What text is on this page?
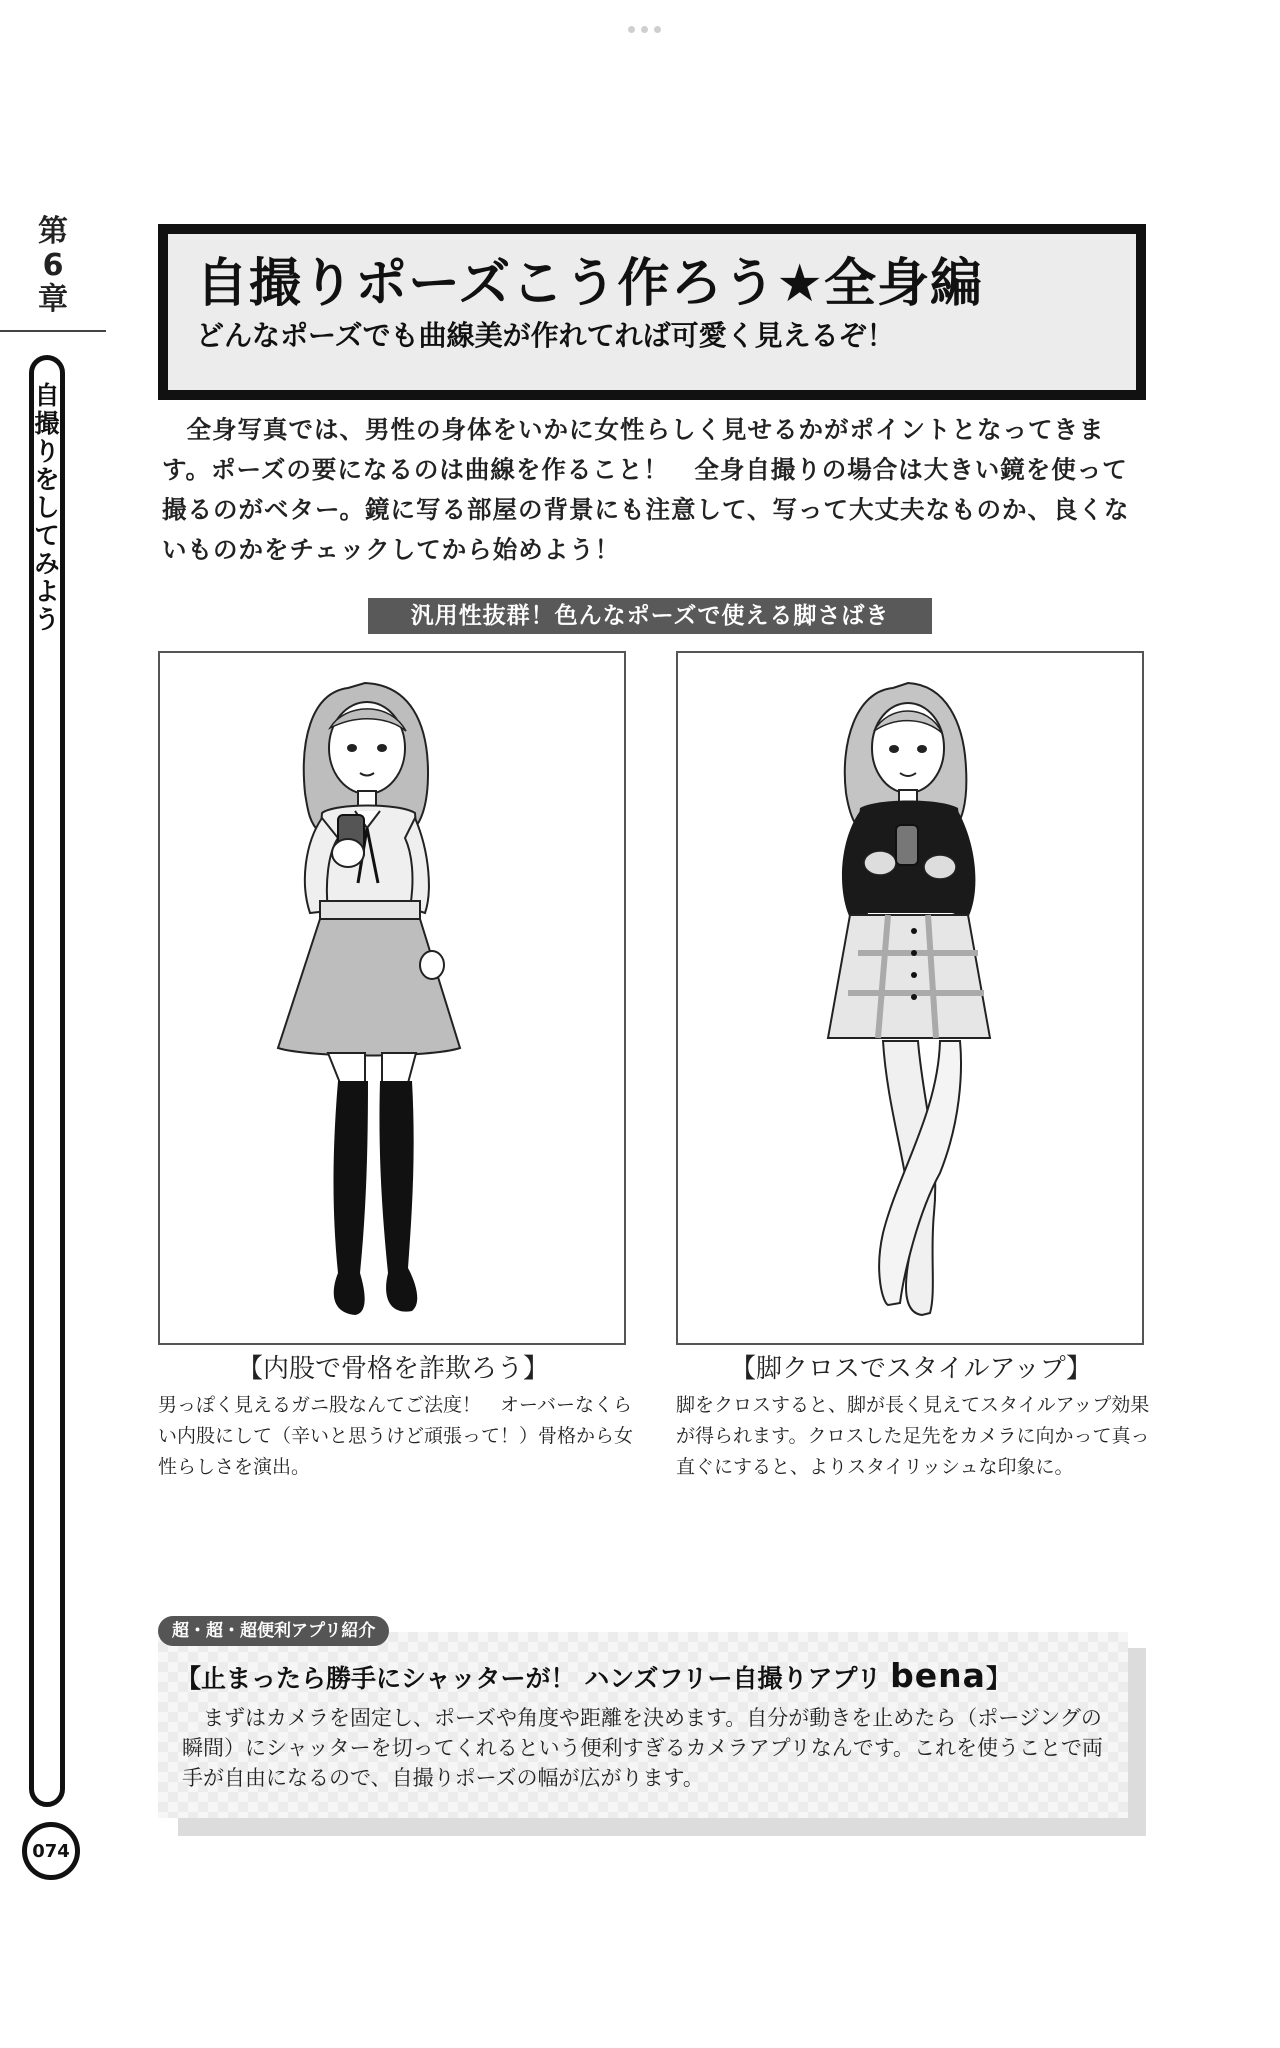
第
6
章
自
撮
り
を
し
て
み
よ
う
074
自撮りポーズこう作ろう★全身編

どんなポーズでも曲線美が作れてれば可愛く見えるぞ！

全身写真では、男性の身体をいかに女性らしく見せるかがポイントとなってきます。ポーズの要になるのは曲線を作ること！　全身自撮りの場合は大きい鏡を使って撮るのがベター。鏡に写る部屋の背景にも注意して、写って大丈夫なものか、良くないものかをチェックしてから始めよう！

汎用性抜群！色んなポーズで使える脚さばき
【内股で骨格を詐欺ろう】

男っぽく見えるガニ股なんてご法度！　オーバーなくらい内股にして（辛いと思うけど頑張って！）骨格から女性らしさを演出。

【脚クロスでスタイルアップ】

脚をクロスすると、脚が長く見えてスタイルアップ効果が得られます。クロスした足先をカメラに向かって真っ直ぐにすると、よりスタイリッシュな印象に。

【止まったら勝手にシャッターが！ ハンズフリー自撮りアプリ bena】

まずはカメラを固定し、ポーズや角度や距離を決めます。自分が動きを止めたら（ポージングの瞬間）にシャッターを切ってくれるという便利すぎるカメラアプリなんです。これを使うことで両手が自由になるので、自撮りポーズの幅が広がります。

超・超・超便利アプリ紹介
